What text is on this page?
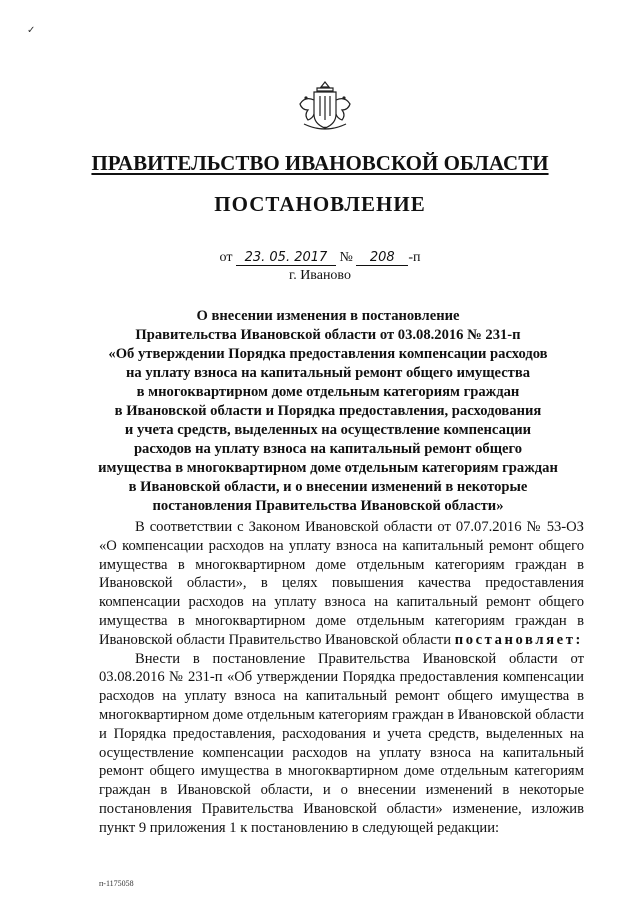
✓
ПРАВИТЕЛЬСТВО ИВАНОВСКОЙ ОБЛАСТИ
ПОСТАНОВЛЕНИЕ
от 23. 05. 2017 № 208 -п
г. Иваново
О внесении изменения в постановление
Правительства Ивановской области от 03.08.2016 № 231-п
«Об утверждении Порядка предоставления компенсации расходов
на уплату взноса на капитальный ремонт общего имущества
в многоквартирном доме отдельным категориям граждан
в Ивановской области и Порядка предоставления, расходования
и учета средств, выделенных на осуществление компенсации
расходов на уплату взноса на капитальный ремонт общего
имущества в многоквартирном доме отдельным категориям граждан
в Ивановской области, и о внесении изменений в некоторые
постановления Правительства Ивановской области»

В соответствии с Законом Ивановской области от 07.07.2016 № 53-ОЗ «О компенсации расходов на уплату взноса на капитальный ремонт общего имущества в многоквартирном доме отдельным категориям граждан в Ивановской области», в целях повышения качества предоставления компенсации расходов на уплату взноса на капитальный ремонт общего имущества в многоквартирном доме отдельным категориям граждан в Ивановской области Правительство Ивановской области постановляет:

Внести в постановление Правительства Ивановской области от 03.08.2016 № 231-п «Об утверждении Порядка предоставления компенсации расходов на уплату взноса на капитальный ремонт общего имущества в многоквартирном доме отдельным категориям граждан в Ивановской области и Порядка предоставления, расходования и учета средств, выделенных на осуществление компенсации расходов на уплату взноса на капитальный ремонт общего имущества в многоквартирном доме отдельным категориям граждан в Ивановской области, и о внесении изменений в некоторые постановления Правительства Ивановской области» изменение, изложив пункт 9 приложения 1 к постановлению в следующей редакции:

п-1175058
